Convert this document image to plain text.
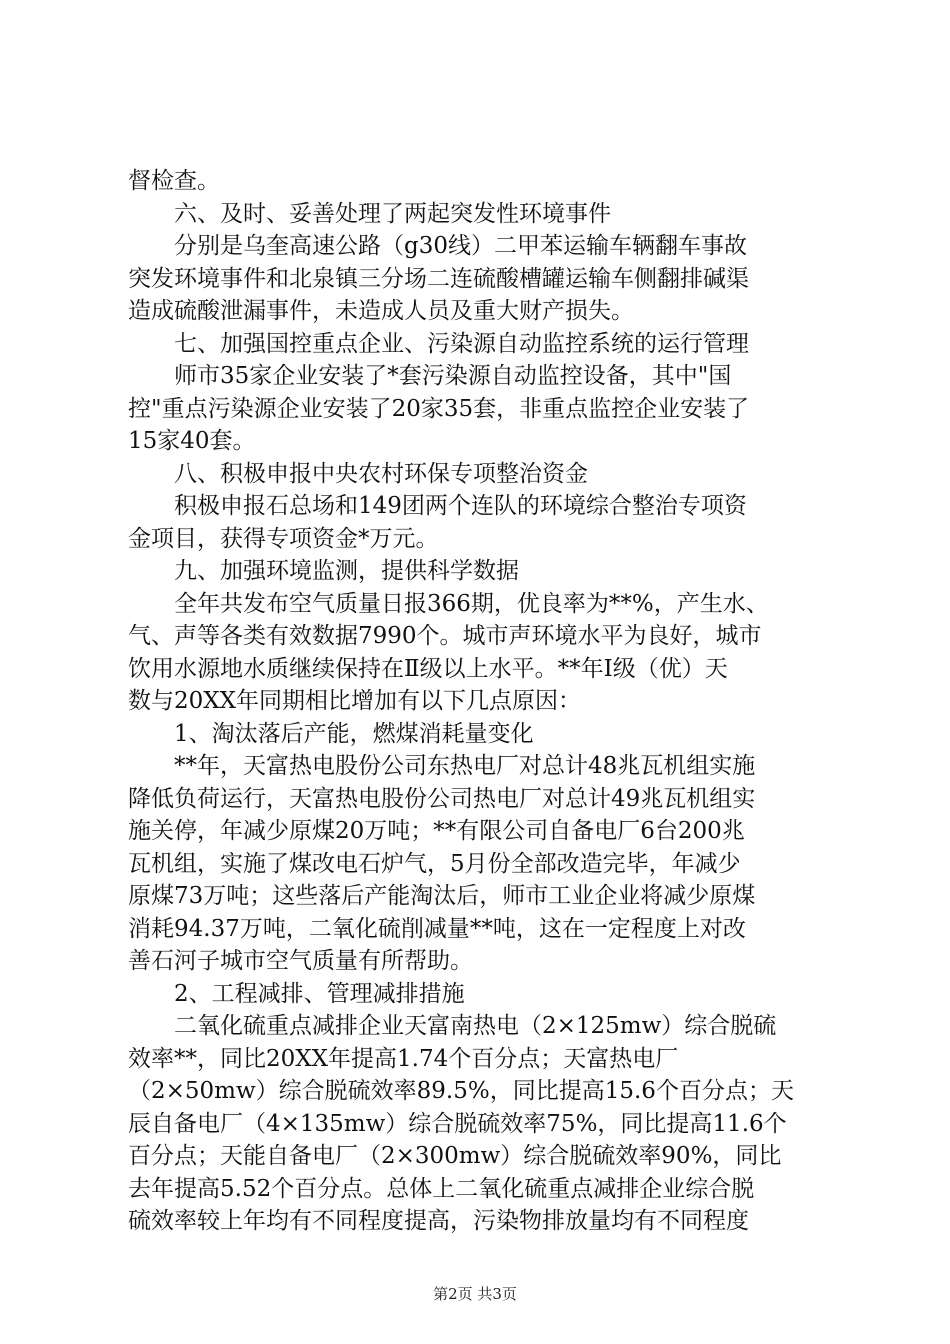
督检查。
六、及时、妥善处理了两起突发性环境事件
分别是乌奎高速公路（g30线）二甲苯运输车辆翻车事故
突发环境事件和北泉镇三分场二连硫酸槽罐运输车侧翻排碱渠
造成硫酸泄漏事件，未造成人员及重大财产损失。
七、加强国控重点企业、污染源自动监控系统的运行管理
师市35家企业安装了*套污染源自动监控设备，其中"国
控"重点污染源企业安装了20家35套，非重点监控企业安装了
15家40套。
八、积极申报中央农村环保专项整治资金
积极申报石总场和149团两个连队的环境综合整治专项资
金项目，获得专项资金*万元。
九、加强环境监测，提供科学数据
全年共发布空气质量日报366期，优良率为**%，产生水、
气、声等各类有效数据7990个。城市声环境水平为良好，城市
饮用水源地水质继续保持在Ⅱ级以上水平。**年Ⅰ级（优）天
数与20XX年同期相比增加有以下几点原因：
1、淘汰落后产能，燃煤消耗量变化
**年，天富热电股份公司东热电厂对总计48兆瓦机组实施
降低负荷运行，天富热电股份公司热电厂对总计49兆瓦机组实
施关停，年减少原煤20万吨；**有限公司自备电厂6台200兆
瓦机组，实施了煤改电石炉气，5月份全部改造完毕，年减少
原煤73万吨；这些落后产能淘汰后，师市工业企业将减少原煤
消耗94.37万吨，二氧化硫削减量**吨，这在一定程度上对改
善石河子城市空气质量有所帮助。
2、工程减排、管理减排措施
二氧化硫重点减排企业天富南热电（2×125mw）综合脱硫
效率**，同比20XX年提高1.74个百分点；天富热电厂
（2×50mw）综合脱硫效率89.5%，同比提高15.6个百分点；天
辰自备电厂（4×135mw）综合脱硫效率75%，同比提高11.6个
百分点；天能自备电厂（2×300mw）综合脱硫效率90%，同比
去年提高5.52个百分点。总体上二氧化硫重点减排企业综合脱
硫效率较上年均有不同程度提高，污染物排放量均有不同程度
第2页 共3页
